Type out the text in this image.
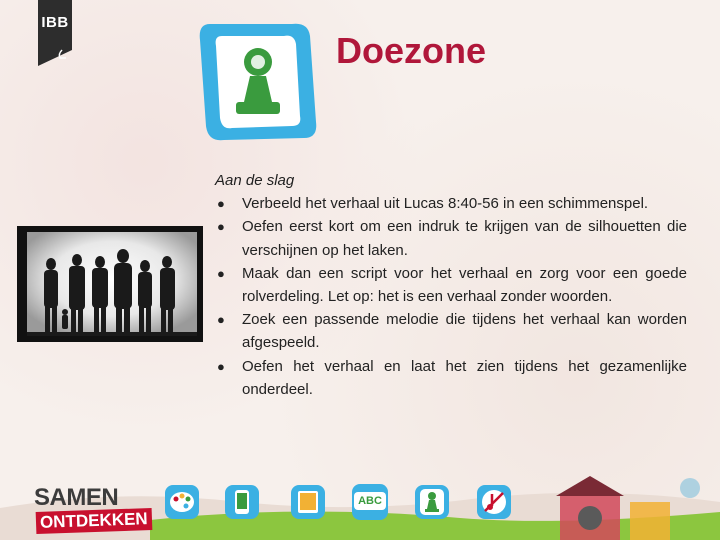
IBB
Doezone

Aan de slag

● Verbeeld het verhaal uit Lucas 8:40-56 in een schimmenspel.
● Oefen eerst kort om een indruk te krijgen van de silhouetten die verschijnen op het laken.
● Maak dan een script voor het verhaal en zorg voor een goede rolverdeling. Let op: het is een verhaal zonder woorden.
● Zoek een passende melodie die tijdens het verhaal kan worden afgespeeld.
● Oefen het verhaal en laat het zien tijdens het gezamenlijke onderdeel.
SAMEN
ONTDEKKEN
ABC
